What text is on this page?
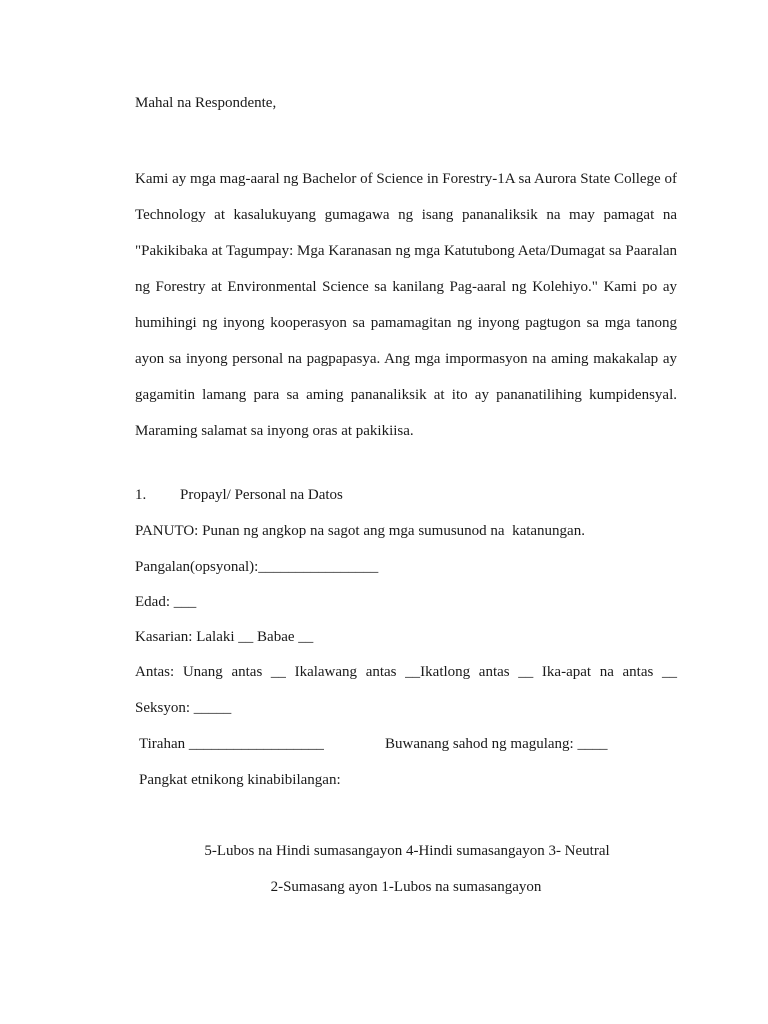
Mahal na Respondente,

Kami ay mga mag-aaral ng Bachelor of Science in Forestry-1A sa Aurora State College of Technology at kasalukuyang gumagawa ng isang pananaliksik na may pamagat na "Pakikibaka at Tagumpay: Mga Karanasan ng mga Katutubong Aeta/Dumagat sa Paaralan ng Forestry at Environmental Science sa kanilang Pag-aaral ng Kolehiyo." Kami po ay humihingi ng inyong kooperasyon sa pamamagitan ng inyong pagtugon sa mga tanong ayon sa inyong personal na pagpapasya. Ang mga impormasyon na aming makakalap ay gagamitin lamang para sa aming pananaliksik at ito ay pananatilihing kumpidensyal. Maraming salamat sa inyong oras at pakikiisa.

1. Propayl/ Personal na Datos
PANUTO: Punan ng angkop na sagot ang mga sumusunod na  katanungan.
Pangalan(opsyonal):________________
Edad: ___
Kasarian: Lalaki __ Babae __
Antas: Unang antas __ Ikalawang antas __Ikatlong antas __ Ika-apat na antas __
Seksyon: _____
Tirahan __________________	Buwanang sahod ng magulang: ____
Pangkat etnikong kinabibilangan:
5-Lubos na Hindi sumasangayon 4-Hindi sumasangayon 3- Neutral
2-Sumasang ayon 1-Lubos na sumasangayon
